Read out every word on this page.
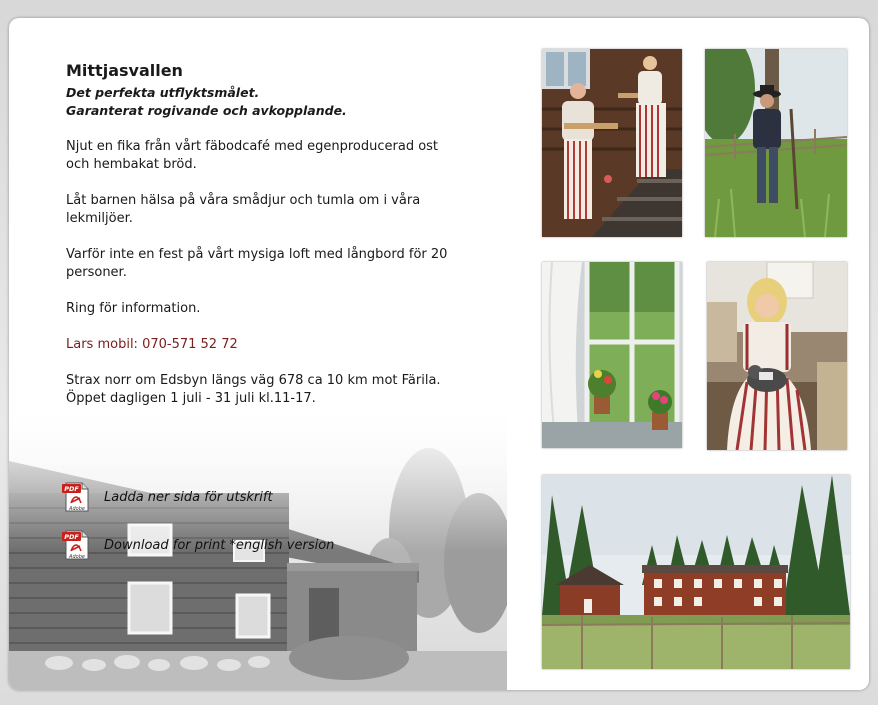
Mittjasvallen

Det perfekta utflyktsmålet.

Garanterat rogivande och avkopplande.

Njut en fika från vårt fäbodcafé med egenproducerad ost
och hembakat bröd.

Låt barnen hälsa på våra smådjur och tumla om i våra
lekmiljöer.

Varför inte en fest på vårt mysiga loft med långbord för 20 personer.

Ring för information.

Lars mobil: 070-571 52 72

Strax norr om Edsbyn längs väg 678 ca 10 km mot Färila.
Öppet dagligen 1 juli - 31 juli kl.11-17.

PDF
Adobe
Ladda ner sida för utskrift
PDF
Adobe
Download for print *english version
